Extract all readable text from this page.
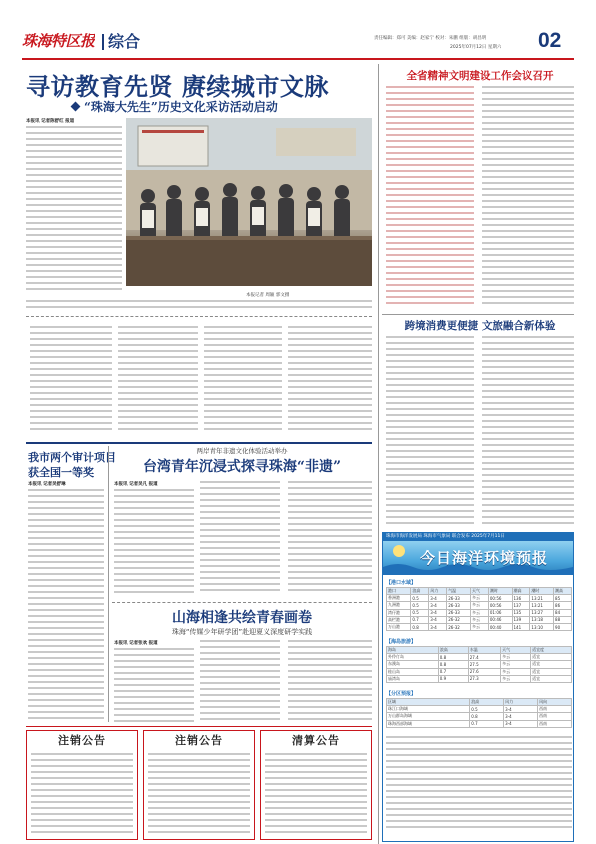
珠海特区报 综合	责任编辑：郑可 美编：赵家宁 校对：朱鹏 组版：胡昌明
2025年07月12日 星期六 02
寻访教育先贤 赓续城市文脉
“珠海大先生”历史文化采访活动启动
本报讯 记者陈舒红 报道
本报记者 周颖 郭文摄
全省精神文明建设工作会议召开
跨境消费更便捷 文旅融合新体验
珠海市海洋发展局 珠海市气象局 联合发布 2025年7月11日
今日海洋环境预报
【港口水域】
港口	浪高	风力	气温	天气	潮时	潮高	潮时	潮高
香洲港	0.5	3-4	26-33	多云	00:56	136	13:21	85
九洲港	0.5	3-4	26-33	多云	00:56	137	13:21	86
湾仔港	0.5	3-4	26-33	多云	01:06	135	13:27	84
高栏港	0.7	3-4	26-32	多云	00:46	139	13:18	88
万山港	0.8	3-4	26-32	多云	00:40	141	13:10	90
【海岛旅游】
海岛	浪高	水温	天气	适宜度
外伶仃岛	0.8	27.4	多云	适宜
东澳岛	0.8	27.5	多云	适宜
桂山岛	0.7	27.6	多云	适宜
庙湾岛	0.9	27.3	多云	适宜
【分区预报】
区域	浪高	风力	风向
珠江口海域	0.5	3-4	西南
万山群岛海域	0.8	3-4	西南
珠海西部海域	0.7	3-4	西南
我市两个审计项目
获全国一等奖
本报讯 记者吴舒琳
两岸青年非遗文化体验活动举办
台湾青年沉浸式探寻珠海“非遗”
本报讯 记者吴凡 报道
山海相逢共绘青春画卷
珠海“传媒少年研学团”赴迎夏义深度研学实践
本报讯 记者张欢 报道
注销公告	注销公告	清算公告
